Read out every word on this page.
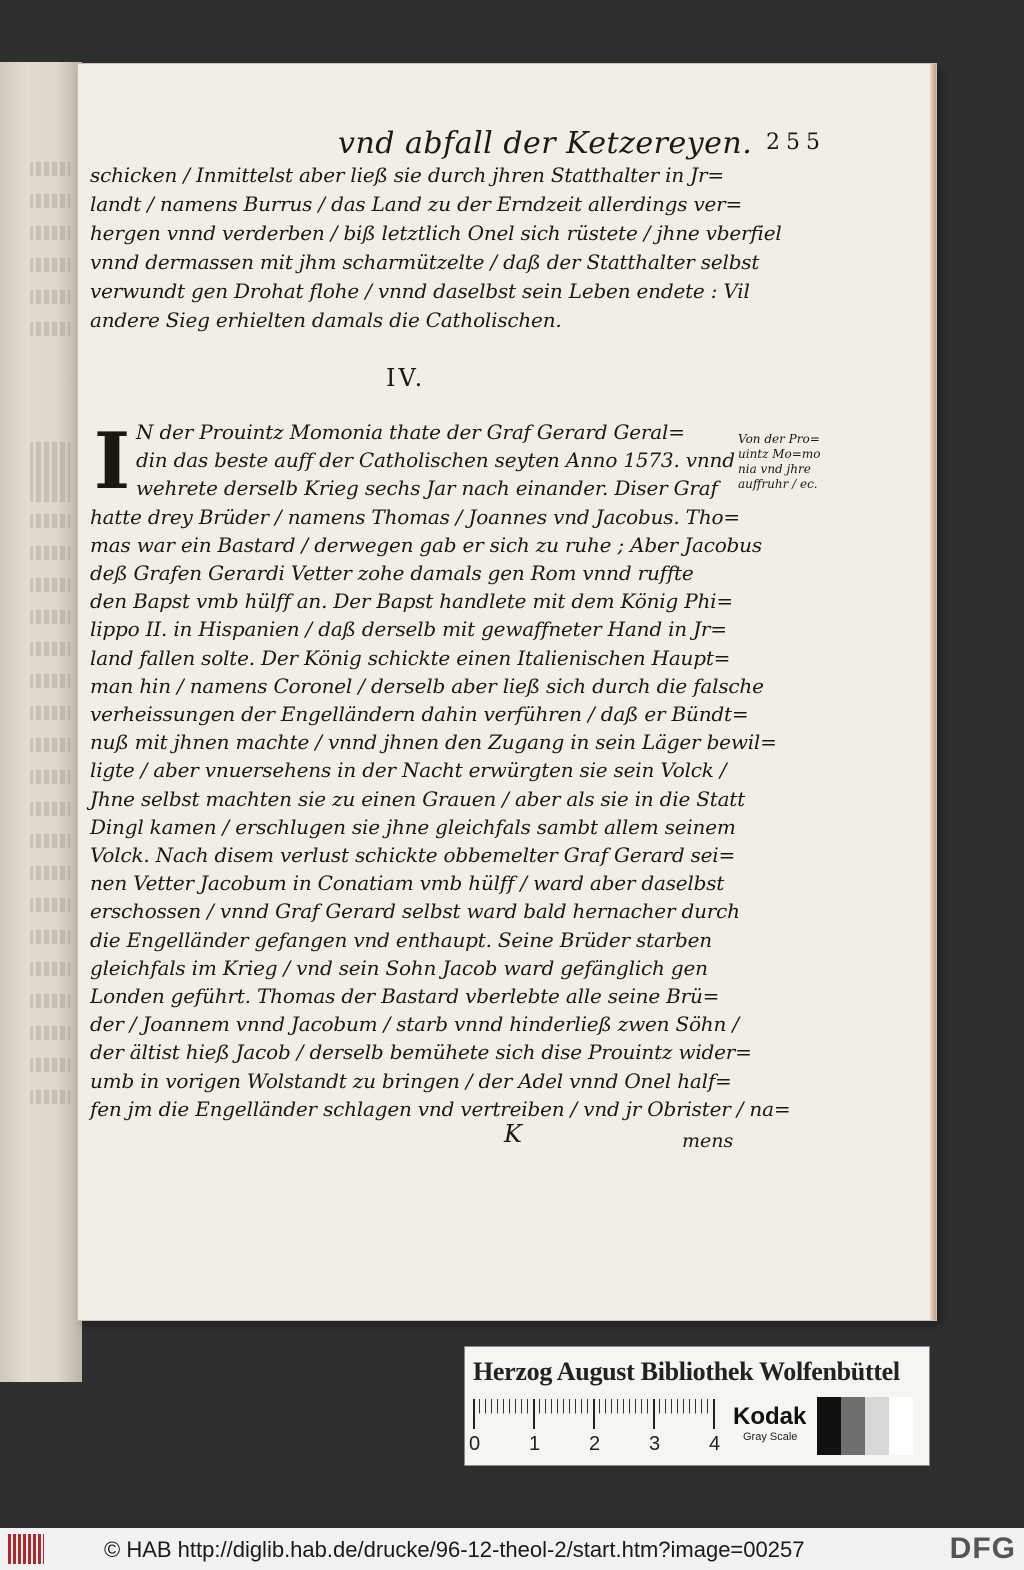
vnd abfall der Ketzereyen. 255
schicken / Inmittelst aber ließ sie durch jhren Statthalter in Jr=
landt / namens Burrus / das Land zu der Erndzeit allerdings ver=
hergen vnnd verderben / biß letztlich Onel sich rüstete / jhne vberfiel
vnnd dermassen mit jhm scharmützelte / daß der Statthalter selbst
verwundt gen Drohat flohe / vnnd daselbst sein Leben endete : Vil
andere Sieg erhielten damals die Catholischen.
IV.
I N der Prouintz Momonia thate der Graf Gerard Geral=
din das beste auff der Catholischen seyten Anno 1573. vnnd
wehrete derselb Krieg sechs Jar nach einander. Diser Graf
hatte drey Brüder / namens Thomas / Joannes vnd Jacobus. Tho=
mas war ein Bastard / derwegen gab er sich zu ruhe ; Aber Jacobus
deß Grafen Gerardi Vetter zohe damals gen Rom vnnd ruffte
den Bapst vmb hülff an. Der Bapst handlete mit dem König Phi=
lippo II. in Hispanien / daß derselb mit gewaffneter Hand in Jr=
land fallen solte. Der König schickte einen Italienischen Haupt=
man hin / namens Coronel / derselb aber ließ sich durch die falsche
verheissungen der Engelländern dahin verführen / daß er Bündt=
nuß mit jhnen machte / vnnd jhnen den Zugang in sein Läger bewil=
ligte / aber vnuersehens in der Nacht erwürgten sie sein Volck /
Jhne selbst machten sie zu einen Grauen / aber als sie in die Statt
Dingl kamen / erschlugen sie jhne gleichfals sambt allem seinem
Volck. Nach disem verlust schickte obbemelter Graf Gerard sei=
nen Vetter Jacobum in Conatiam vmb hülff / ward aber daselbst
erschossen / vnnd Graf Gerard selbst ward bald hernacher durch
die Engelländer gefangen vnd enthaupt. Seine Brüder starben
gleichfals im Krieg / vnd sein Sohn Jacob ward gefänglich gen
Londen geführt. Thomas der Bastard vberlebte alle seine Brü=
der / Joannem vnnd Jacobum / starb vnnd hinderließ zwen Söhn /
der ältist hieß Jacob / derselb bemühete sich dise Prouintz wider=
umb in vorigen Wolstandt zu bringen / der Adel vnnd Onel half=
fen jm die Engelländer schlagen vnd vertreiben / vnd jr Obrister / na=
Von der Pro=
uintz Mo=mo
nia vnd jhre
auffruhr / ec.
K	mens
Herzog August Bibliothek Wolfenbüttel
0 1 2 3 4
Kodak
Gray Scale
© HAB http://diglib.hab.de/drucke/96-12-theol-2/start.htm?image=00257	DFG
